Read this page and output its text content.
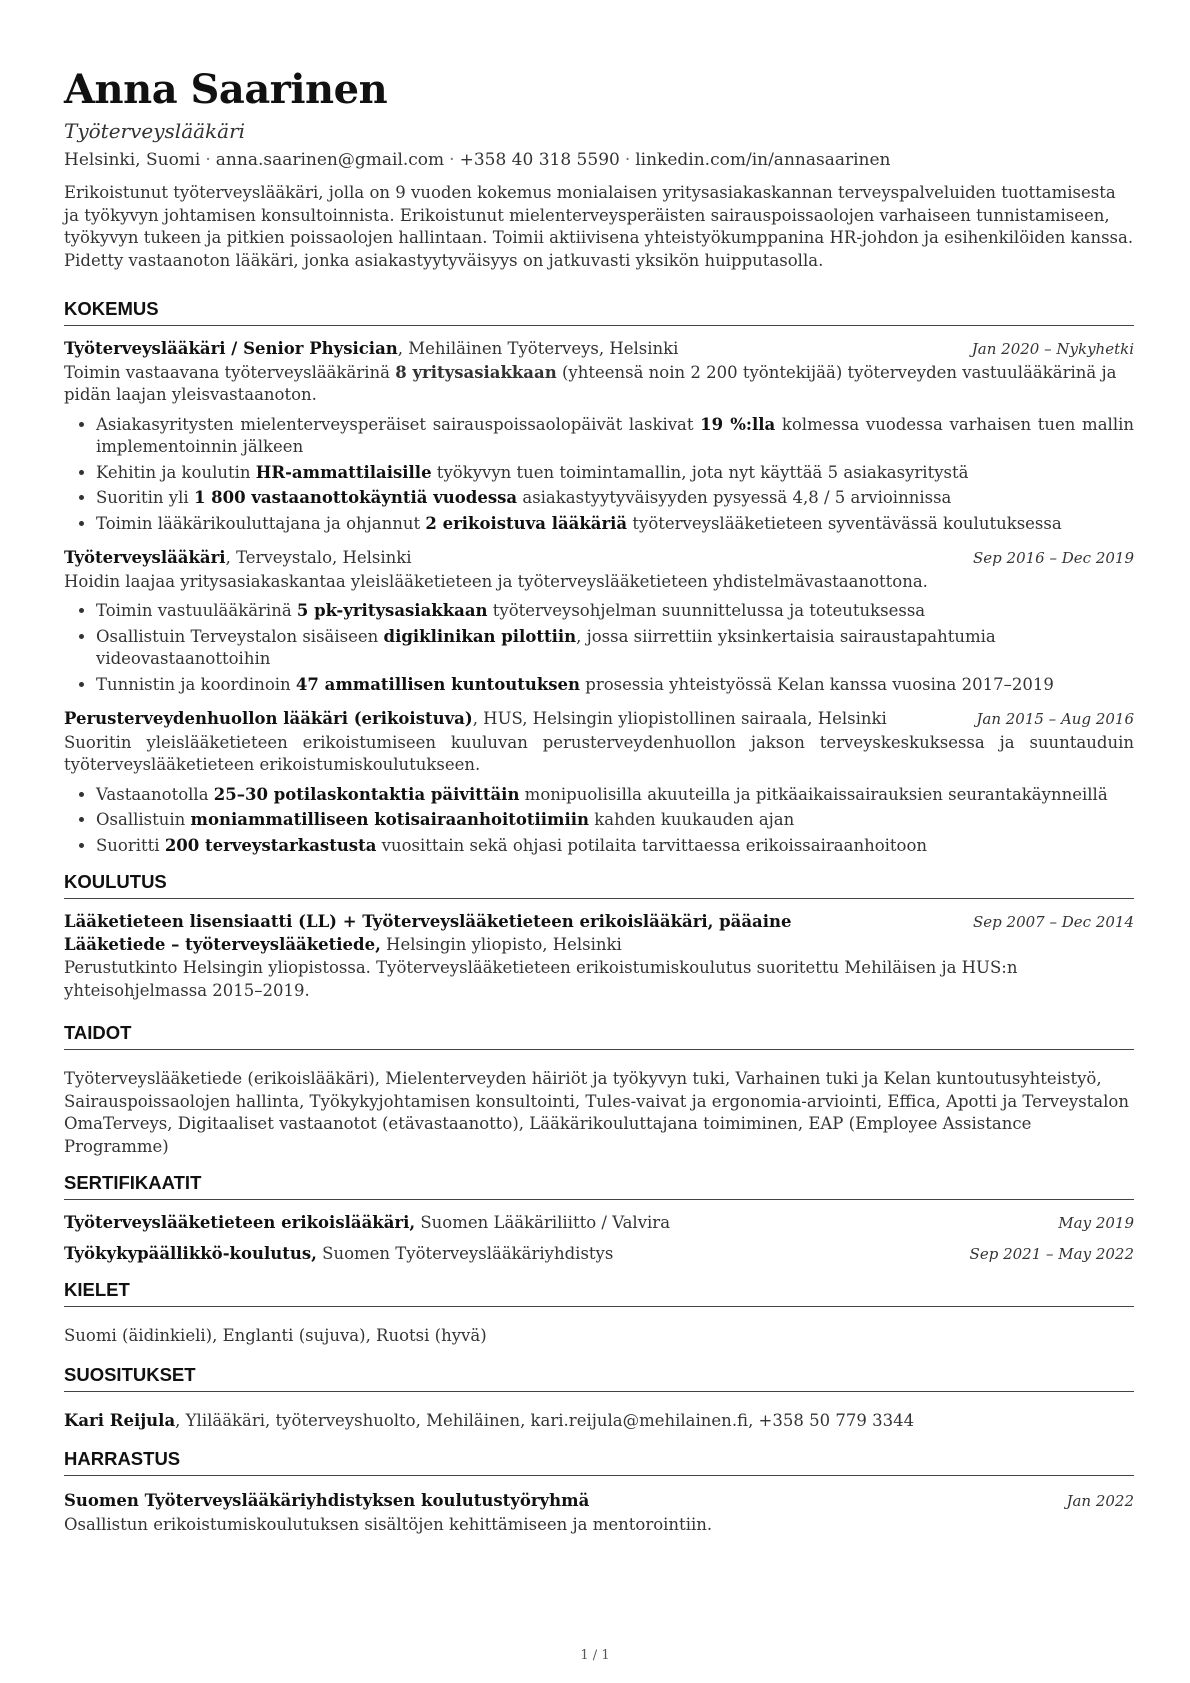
Anna Saarinen
Työterveyslääkäri
Helsinki, Suomi · anna.saarinen@gmail.com · +358 40 318 5590 · linkedin.com/in/annasaarinen
Erikoistunut työterveyslääkäri, jolla on 9 vuoden kokemus monialaisen yritysasiakaskannan terveyspalveluiden tuottamisesta ja työkyvyn johtamisen konsultoinnista. Erikoistunut mielenterveysperäisten sairauspoissaolojen varhaiseen tunnistamiseen, työkyvyn tukeen ja pitkien poissaolojen hallintaan. Toimii aktiivisena yhteistyökumppanina HR-johdon ja esihenkilöiden kanssa. Pidetty vastaanoton lääkäri, jonka asiakastyytyväisyys on jatkuvasti yksikön huipputasolla.
KOKEMUS
Työterveyslääkäri / Senior Physician, Mehiläinen Työterveys, Helsinki	Jan 2020 – Nykyhetki
Toimin vastaavana työterveyslääkärinä 8 yritysasiakkaan (yhteensä noin 2 200 työntekijää) työterveyden vastuulääkärinä ja pidän laajan yleisvastaanoton.
• Asiakasyritysten mielenterveysperäiset sairauspoissaolopäivät laskivat 19 %:lla kolmessa vuodessa varhaisen tuen mallin implementoinnin jälkeen
• Kehitin ja koulutin HR-ammattilaisille työkyvyn tuen toimintamallin, jota nyt käyttää 5 asiakasyritystä
• Suoritin yli 1 800 vastaanottokäyntiä vuodessa asiakastyytyväisyyden pysyessä 4,8 / 5 arvioinnissa
• Toimin lääkärikouluttajana ja ohjannut 2 erikoistuva lääkäriä työterveyslääketieteen syventävässä koulutuksessa
Työterveyslääkäri, Terveystalo, Helsinki	Sep 2016 – Dec 2019
Hoidin laajaa yritysasiakaskantaa yleislääketieteen ja työterveyslääketieteen yhdistelmävastaanottona.
• Toimin vastuulääkärinä 5 pk-yritysasiakkaan työterveysohjelman suunnittelussa ja toteutuksessa
• Osallistuin Terveystalon sisäiseen digiklinikan pilottiin, jossa siirrettiin yksinkertaisia sairaustapahtumia videovastaanottoihin
• Tunnistin ja koordinoin 47 ammatillisen kuntoutuksen prosessia yhteistyössä Kelan kanssa vuosina 2017–2019
Perusterveydenhuollon lääkäri (erikoistuva), HUS, Helsingin yliopistollinen sairaala, Helsinki	Jan 2015 – Aug 2016
Suoritin yleislääketieteen erikoistumiseen kuuluvan perusterveydenhuollon jakson terveyskeskuksessa ja suuntauduin työterveyslääketieteen erikoistumiskoulutukseen.
• Vastaanotolla 25–30 potilaskontaktia päivittäin monipuolisilla akuuteilla ja pitkäaikaissairauksien seurantakäynneillä
• Osallistuin moniammatilliseen kotisairaanhoitotiimiin kahden kuukauden ajan
• Suoritti 200 terveystarkastusta vuosittain sekä ohjasi potilaita tarvittaessa erikoissairaanhoitoon
KOULUTUS
Lääketieteen lisensiaatti (LL) + Työterveyslääketieteen erikoislääkäri, pääaine Lääketiede – työterveyslääketiede, Helsingin yliopisto, Helsinki
Sep 2007 – Dec 2014
Perustutkinto Helsingin yliopistossa. Työterveyslääketieteen erikoistumiskoulutus suoritettu Mehiläisen ja HUS:n yhteisohjelmassa 2015–2019.
TAIDOT
Työterveyslääketiede (erikoislääkäri), Mielenterveyden häiriöt ja työkyvyn tuki, Varhainen tuki ja Kelan kuntoutusyhteistyö, Sairauspoissaolojen hallinta, Työkykyjohtamisen konsultointi, Tules-vaivat ja ergonomia-arviointi, Effica, Apotti ja Terveystalon OmaTerveys, Digitaaliset vastaanotot (etävastaanotto), Lääkärikouluttajana toimiminen, EAP (Employee Assistance Programme)
SERTIFIKAATIT
Työterveyslääketieteen erikoislääkäri, Suomen Lääkäriliitto / Valvira	May 2019
Työkykypäällikkö-koulutus, Suomen Työterveyslääkäriyhdistys	Sep 2021 – May 2022
KIELET
Suomi (äidinkieli), Englanti (sujuva), Ruotsi (hyvä)
SUOSITUKSET
Kari Reijula, Ylilääkäri, työterveyshuolto, Mehiläinen, kari.reijula@mehilainen.fi, +358 50 779 3344
HARRASTUS
Suomen Työterveyslääkäriyhdistyksen koulutustyöryhmä	Jan 2022
Osallistun erikoistumiskoulutuksen sisältöjen kehittämiseen ja mentorointiin.
1 / 1
